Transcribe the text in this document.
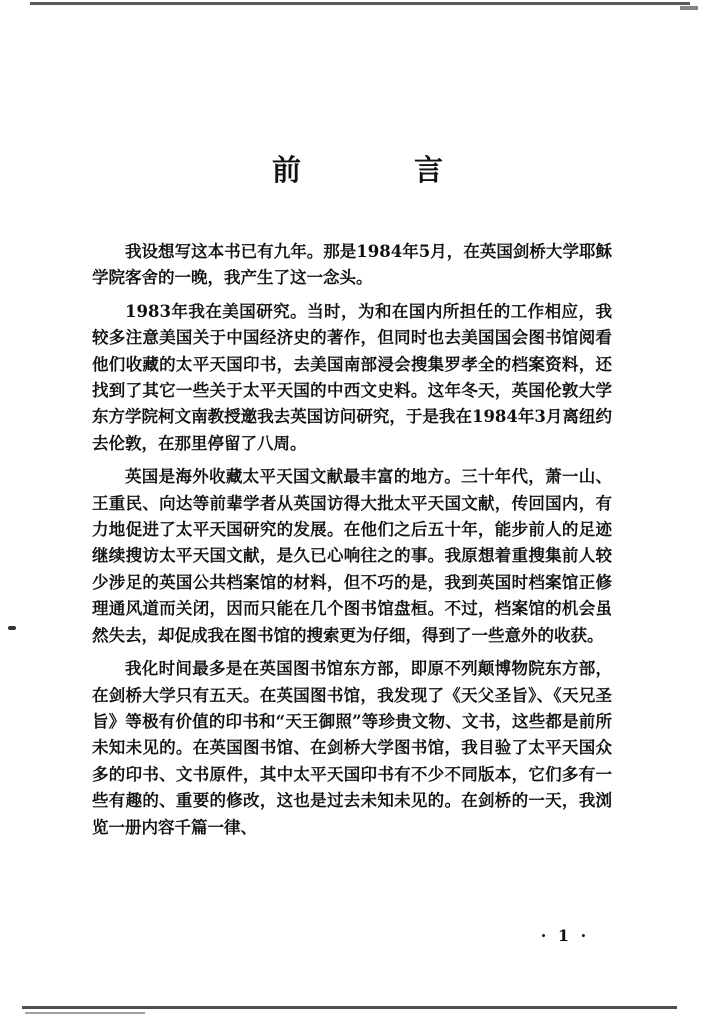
前　言

我设想写这本书已有九年。那是1984年5月，在英国剑桥大学耶稣学院客舍的一晚，我产生了这一念头。

1983年我在美国研究。当时，为和在国内所担任的工作相应，我较多注意美国关于中国经济史的著作，但同时也去美国国会图书馆阅看他们收藏的太平天国印书，去美国南部浸会搜集罗孝全的档案资料，还找到了其它一些关于太平天国的中西文史料。这年冬天，英国伦敦大学东方学院柯文南教授邀我去英国访问研究，于是我在1984年3月离纽约去伦敦，在那里停留了八周。

英国是海外收藏太平天国文献最丰富的地方。三十年代，萧一山、王重民、向达等前辈学者从英国访得大批太平天国文献，传回国内，有力地促进了太平天国研究的发展。在他们之后五十年，能步前人的足迹继续搜访太平天国文献，是久已心响往之的事。我原想着重搜集前人较少涉足的英国公共档案馆的材料，但不巧的是，我到英国时档案馆正修理通风道而关闭，因而只能在几个图书馆盘桓。不过，档案馆的机会虽然失去，却促成我在图书馆的搜索更为仔细，得到了一些意外的收获。

我化时间最多是在英国图书馆东方部，即原不列颠博物院东方部，在剑桥大学只有五天。在英国图书馆，我发现了《天父圣旨》、《天兄圣旨》等极有价值的印书和“天王御照”等珍贵文物、文书，这些都是前所未知未见的。在英国图书馆、在剑桥大学图书馆，我目验了太平天国众多的印书、文书原件，其中太平天国印书有不少不同版本，它们多有一些有趣的、重要的修改，这也是过去未知未见的。在剑桥的一天，我浏览一册内容千篇一律、

· 1 ·
